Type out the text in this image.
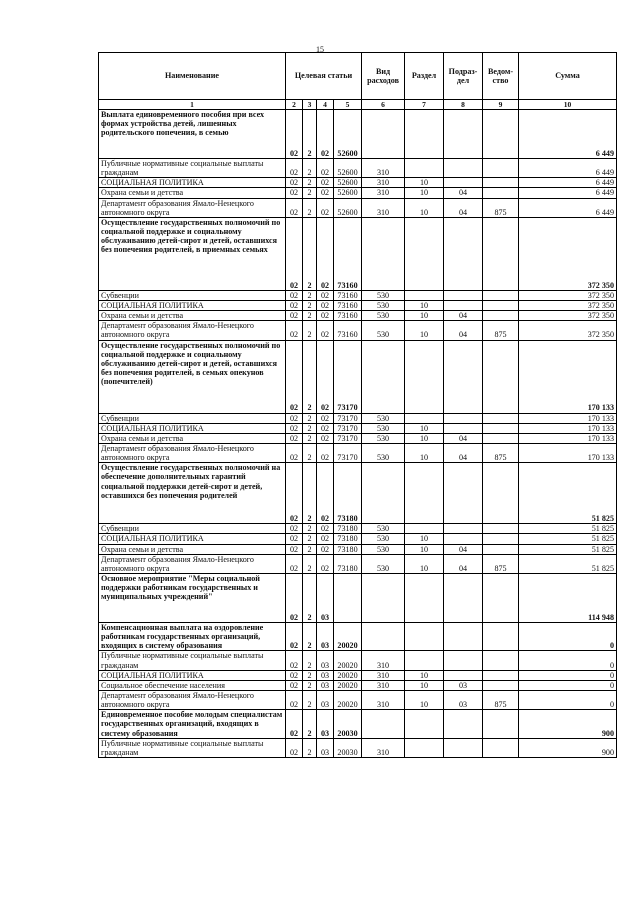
15
Наименование	Целевая статьи				Вид расходов	Раздел	Подраз-дел	Ведом-ство	Сумма
1	2	3	4	5	6	7	8	9	10
Выплата единовременного пособия при всех формах устройства детей, лишенных родительского попечения, в семью	02	2	02	52600					6 449
Публичные нормативные социальные выплаты гражданам	02	2	02	52600	310				6 449
СОЦИАЛЬНАЯ ПОЛИТИКА	02	2	02	52600	310	10			6 449
Охрана семьи и детства	02	2	02	52600	310	10	04		6 449
Департамент образования Ямало-Ненецкого автономного округа	02	2	02	52600	310	10	04	875	6 449
Осуществление государственных полномочий по социальной поддержке и социальному обслуживанию детей-сирот и детей, оставшихся без попечения родителей, в приемных семьях	02	2	02	73160					372 350
Субвенции	02	2	02	73160	530				372 350
СОЦИАЛЬНАЯ ПОЛИТИКА	02	2	02	73160	530	10			372 350
Охрана семьи и детства	02	2	02	73160	530	10	04		372 350
Департамент образования Ямало-Ненецкого автономного округа	02	2	02	73160	530	10	04	875	372 350
Осуществление государственных полномочий по социальной поддержке и социальному обслуживанию детей-сирот и детей, оставшихся без попечения родителей, в семьях опекунов (попечителей)	02	2	02	73170					170 133
Субвенции	02	2	02	73170	530				170 133
СОЦИАЛЬНАЯ ПОЛИТИКА	02	2	02	73170	530	10			170 133
Охрана семьи и детства	02	2	02	73170	530	10	04		170 133
Департамент образования Ямало-Ненецкого автономного округа	02	2	02	73170	530	10	04	875	170 133
Осуществление государственных полномочий на обеспечение дополнительных гарантий социальной поддержки детей-сирот и детей, оставшихся без попечения родителей	02	2	02	73180					51 825
Субвенции	02	2	02	73180	530				51 825
СОЦИАЛЬНАЯ ПОЛИТИКА	02	2	02	73180	530	10			51 825
Охрана семьи и детства	02	2	02	73180	530	10	04		51 825
Департамент образования Ямало-Ненецкого автономного округа	02	2	02	73180	530	10	04	875	51 825
Основное мероприятие "Меры социальной поддержки работникам государственных и муниципальных учреждений"	02	2	03						114 948
Компенсационная выплата на оздоровление работникам государственных организаций, входящих в систему образования	02	2	03	20020					0
Публичные нормативные социальные выплаты гражданам	02	2	03	20020	310				0
СОЦИАЛЬНАЯ ПОЛИТИКА	02	2	03	20020	310	10			0
Социальное обеспечение населения	02	2	03	20020	310	10	03		0
Департамент образования Ямало-Ненецкого автономного округа	02	2	03	20020	310	10	03	875	0
Единовременное пособие молодым специалистам государственных организаций, входящих в систему образования	02	2	03	20030					900
Публичные нормативные социальные выплаты гражданам	02	2	03	20030	310				900
